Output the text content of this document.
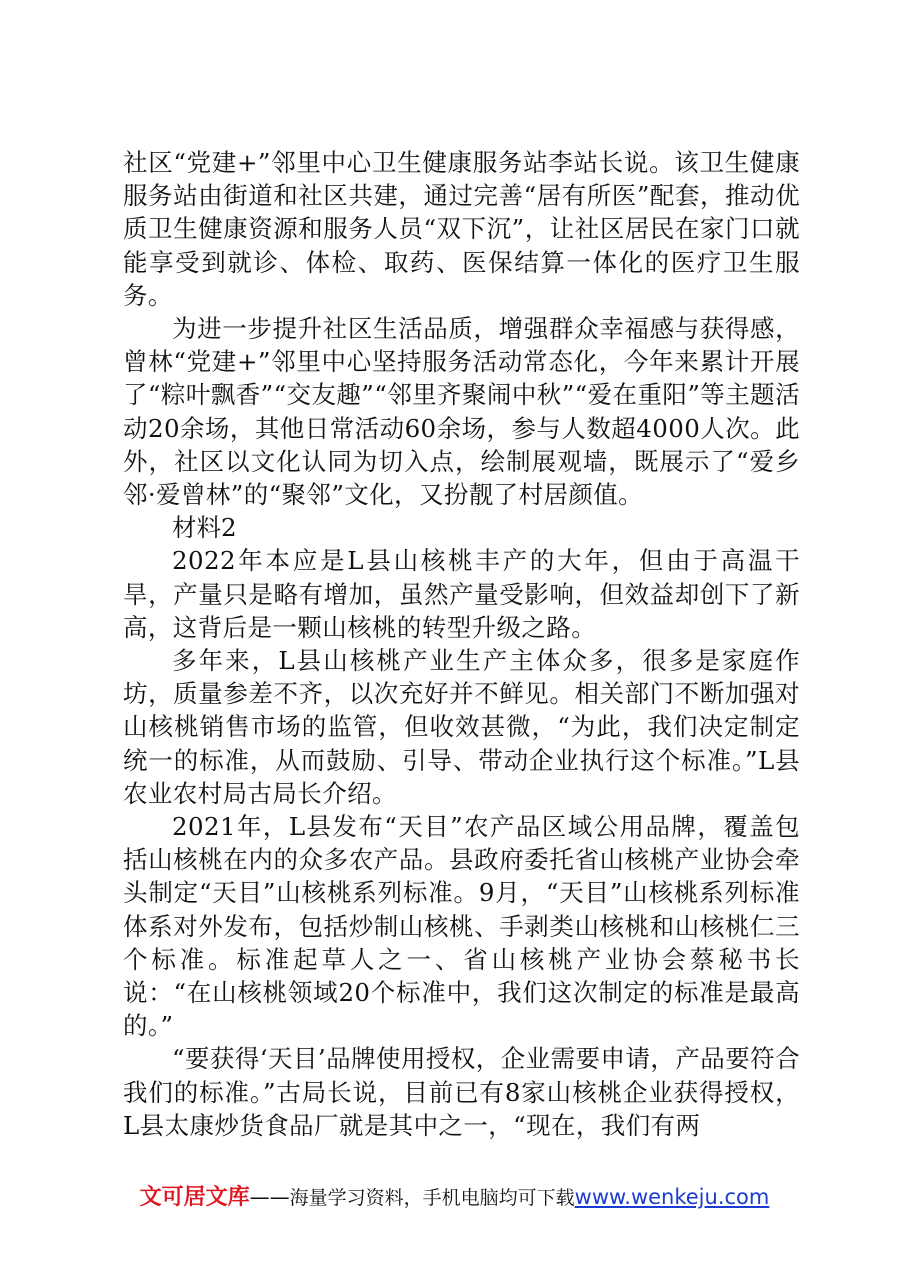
社区“党建+”邻里中心卫生健康服务站李站长说。该卫生健康服务站由街道和社区共建，通过完善“居有所医”配套，推动优质卫生健康资源和服务人员“双下沉”，让社区居民在家门口就能享受到就诊、体检、取药、医保结算一体化的医疗卫生服务。

为进一步提升社区生活品质，增强群众幸福感与获得感，曾林“党建+”邻里中心坚持服务活动常态化，今年来累计开展了“粽叶飘香”“交友趣”“邻里齐聚闹中秋”“爱在重阳”等主题活动20余场，其他日常活动60余场，参与人数超4000人次。此外，社区以文化认同为切入点，绘制展观墙，既展示了“爱乡邻·爱曾林”的“聚邻”文化，又扮靓了村居颜值。

材料2

2022年本应是L县山核桃丰产的大年，但由于高温干旱，产量只是略有增加，虽然产量受影响，但效益却创下了新高，这背后是一颗山核桃的转型升级之路。

多年来，L县山核桃产业生产主体众多，很多是家庭作坊，质量参差不齐，以次充好并不鲜见。相关部门不断加强对山核桃销售市场的监管，但收效甚微，“为此，我们决定制定统一的标准，从而鼓励、引导、带动企业执行这个标准。”L县农业农村局古局长介绍。

2021年，L县发布“天目”农产品区域公用品牌，覆盖包括山核桃在内的众多农产品。县政府委托省山核桃产业协会牵头制定“天目”山核桃系列标准。9月，“天目”山核桃系列标准体系对外发布，包括炒制山核桃、手剥类山核桃和山核桃仁三个标准。标准起草人之一、省山核桃产业协会蔡秘书长说：“在山核桃领域20个标准中，我们这次制定的标准是最高的。”

“要获得‘天目’品牌使用授权，企业需要申请，产品要符合我们的标准。”古局长说，目前已有8家山核桃企业获得授权，L县太康炒货食品厂就是其中之一，“现在，我们有两

文可居文库——海量学习资料，手机电脑均可下载www.wenkeju.com
